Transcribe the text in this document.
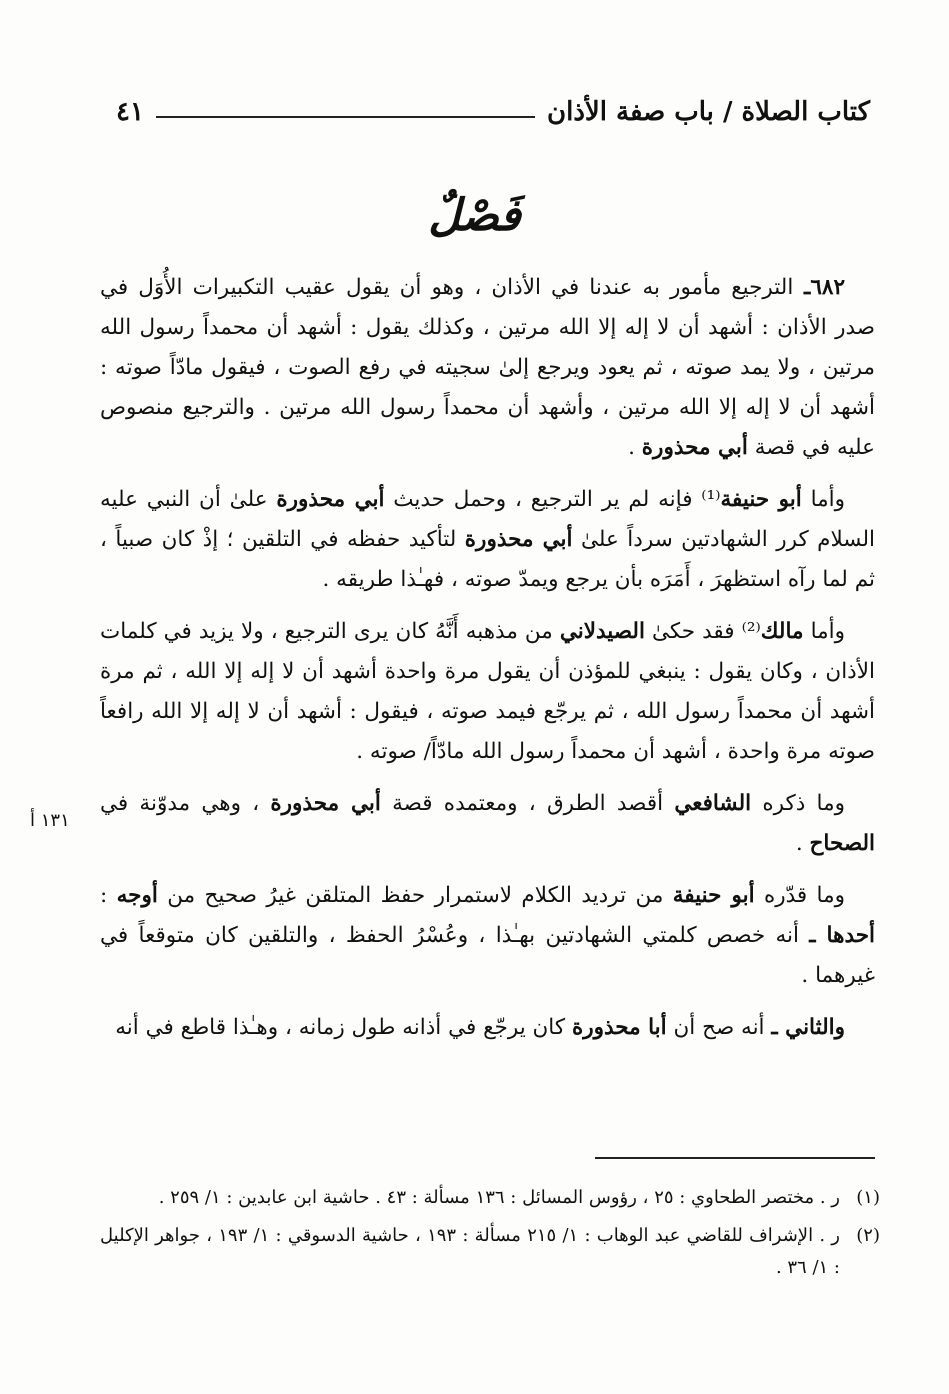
كتاب الصلاة / باب صفة الأذان
٤١
فَصْلٌ

٦٨٢ـ الترجيع مأمور به عندنا في الأذان ، وهو أن يقول عقيب التكبيرات الأُوَل في صدر الأذان : أشهد أن لا إله إلا الله مرتين ، وكذلك يقول : أشهد أن محمداً رسول الله مرتين ، ولا يمد صوته ، ثم يعود ويرجع إلىٰ سجيته في رفع الصوت ، فيقول مادّاً صوته : أشهد أن لا إله إلا الله مرتين ، وأشهد أن محمداً رسول الله مرتين . والترجيع منصوص عليه في قصة أبي محذورة .

وأما أبو حنيفة⁽¹⁾ فإنه لم ير الترجيع ، وحمل حديث أبي محذورة علىٰ أن النبي عليه السلام كرر الشهادتين سرداً علىٰ أبي محذورة لتأكيد حفظه في التلقين ؛ إذْ كان صبياً ، ثم لما رآه استظهرَ ، أَمَرَه بأن يرجع ويمدّ صوته ، فهـٰذا طريقه .

وأما مالك⁽²⁾ فقد حكىٰ الصيدلاني من مذهبه أَنَّهُ كان يرى الترجيع ، ولا يزيد في كلمات الأذان ، وكان يقول : ينبغي للمؤذن أن يقول مرة واحدة أشهد أن لا إله إلا الله ، ثم مرة أشهد أن محمداً رسول الله ، ثم يرجّع فيمد صوته ، فيقول : أشهد أن لا إله إلا الله رافعاً صوته مرة واحدة ، أشهد أن محمداً رسول الله مادّاً/ صوته .

وما ذكره الشافعي أقصد الطرق ، ومعتمده قصة أبي محذورة ، وهي مدوّنة في الصحاح .

وما قدّره أبو حنيفة من ترديد الكلام لاستمرار حفظ المتلقن غيرُ صحيح من أوجه : أحدها ـ أنه خصص كلمتي الشهادتين بهـٰذا ، وعُسْرُ الحفظ ، والتلقين كان متوقعاً في غيرهما .

والثاني ـ أنه صح أن أبا محذورة كان يرجّع في أذانه طول زمانه ، وهـٰذا قاطع في أنه

١٣١ أ
(١)
ر . مختصر الطحاوي : ٢٥ ، رؤوس المسائل : ١٣٦ مسألة : ٤٣ . حاشية ابن عابدين : ١/ ٢٥٩ .
(٢)
ر . الإشراف للقاضي عبد الوهاب : ١/ ٢١٥ مسألة : ١٩٣ ، حاشية الدسوقي : ١/ ١٩٣ ، جواهر الإكليل : ١/ ٣٦ .
